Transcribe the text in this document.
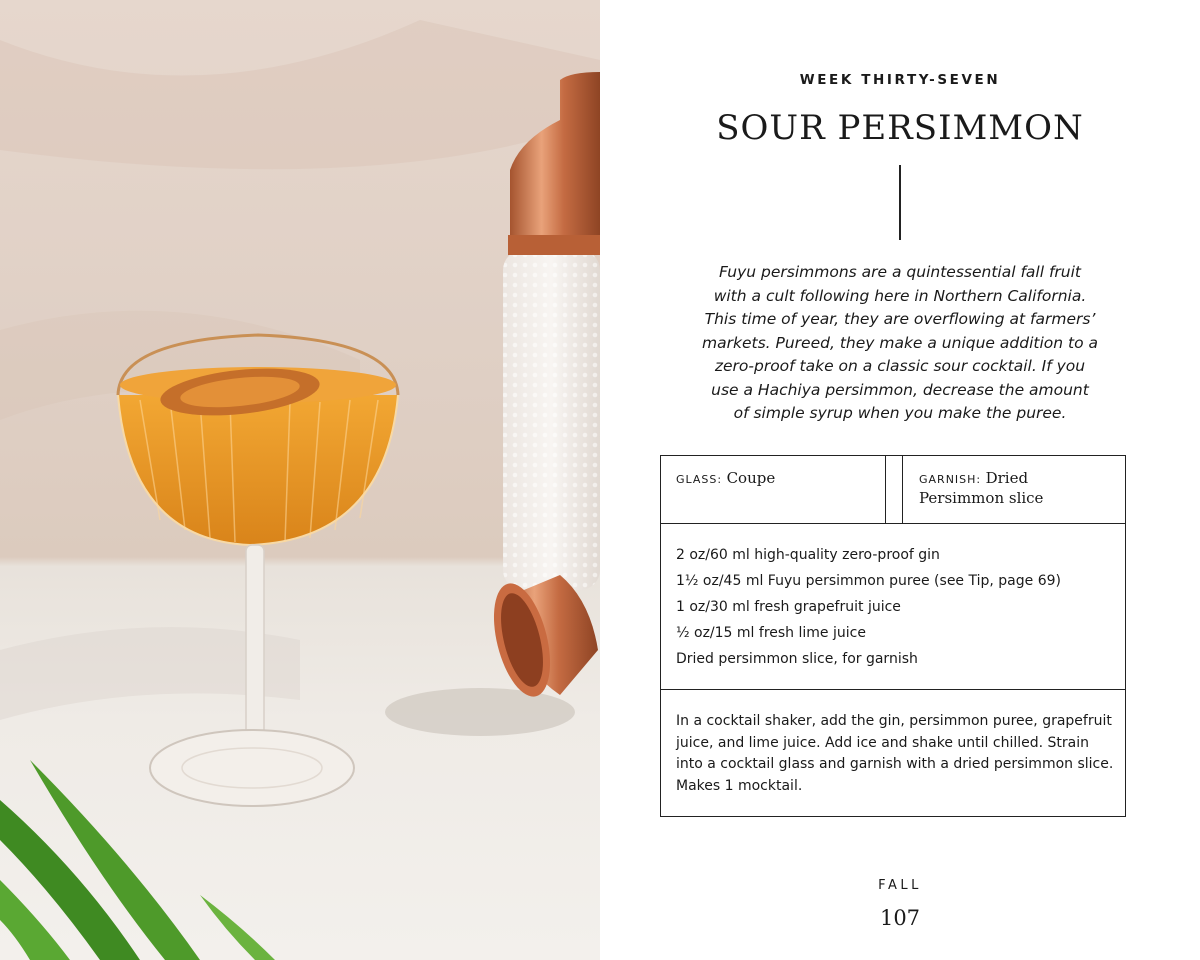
WEEK THIRTY-SEVEN
SOUR PERSIMMON
Fuyu persimmons are a quintessential fall fruit
with a cult following here in Northern California.
This time of year, they are overflowing at farmers’
markets. Pureed, they make a unique addition to a
zero-proof take on a classic sour cocktail. If you
use a Hachiya persimmon, decrease the amount
of simple syrup when you make the puree.
GLASS: Coupe	GARNISH: Dried Persimmon slice
2 oz/60 ml high-quality zero-proof gin
1½ oz/45 ml Fuyu persimmon puree (see Tip, page 69)
1 oz/30 ml fresh grapefruit juice
½ oz/15 ml fresh lime juice
Dried persimmon slice, for garnish
In a cocktail shaker, add the gin, persimmon puree, grapefruit juice, and lime juice. Add ice and shake until chilled. Strain into a cocktail glass and garnish with a dried persimmon slice. Makes 1 mocktail.
FALL
107
